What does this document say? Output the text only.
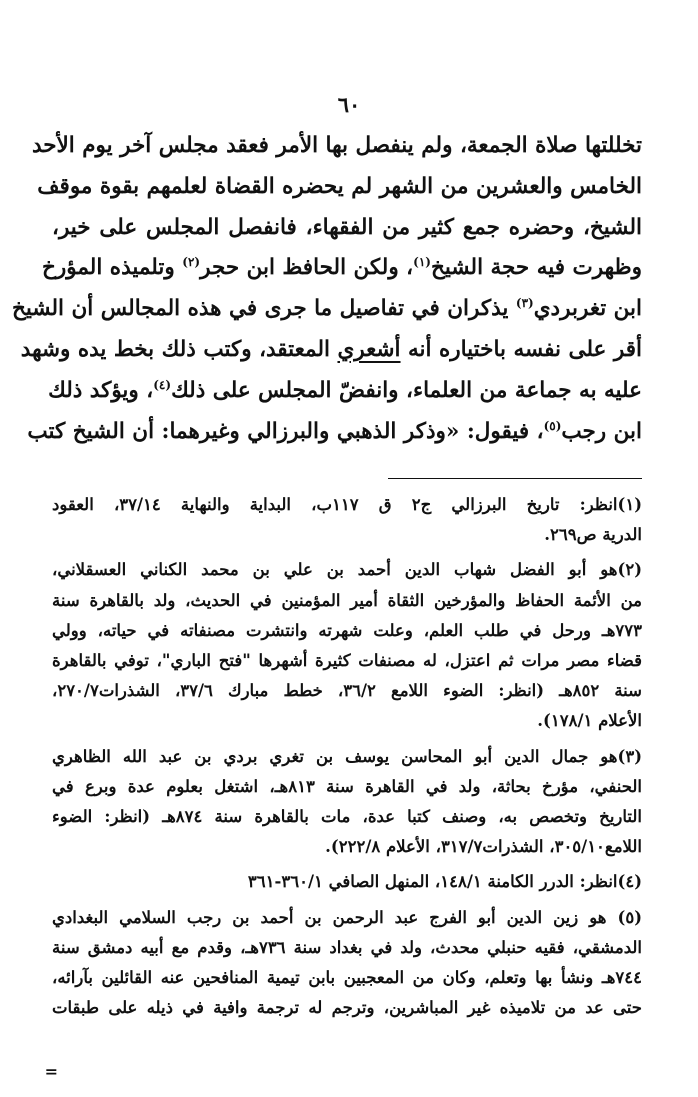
٦٠
تخللتها صلاة الجمعة، ولم ينفصل بها الأمر فعقد مجلس آخر يوم الأحد
الخامس والعشرين من الشهر لم يحضره القضاة لعلمهم بقوة موقف
الشيخ، وحضره جمع كثير من الفقهاء، فانفصل المجلس على خير،
وظهرت فيه حجة الشيخ$^{(١)}$، ولكن الحافظ ابن حجر$^{(٢)}$ وتلميذه المؤرخ
ابن تغربردي$^{(٣)}$ يذكران في تفاصيل ما جرى في هذه المجالس أن الشيخ
أقر على نفسه باختياره أنه أشعري المعتقد، وكتب ذلك بخط يده وشهد
عليه به جماعة من العلماء، وانفضّ المجلس على ذلك$^{(٤)}$، ويؤكد ذلك
ابن رجب$^{(٥)}$، فيقول: «وذكر الذهبي والبرزالي وغيرهما: أن الشيخ كتب
(١)انظر: تاريخ البرزالي ج٢ ق ١١٧ب، البداية والنهاية ٣٧/١٤، العقود
الدرية ص٢٦٩.
(٢)هو أبو الفضل شهاب الدين أحمد بن علي بن محمد الكناني العسقلاني،
من الأئمة الحفاظ والمؤرخين الثقاة أمير المؤمنين في الحديث، ولد بالقاهرة سنة
٧٧٣هـ ورحل في طلب العلم، وعلت شهرته وانتشرت مصنفاته في حياته، وولي
قضاء مصر مرات ثم اعتزل، له مصنفات كثيرة أشهرها "فتح الباري"، توفي بالقاهرة
سنة ٨٥٢هـ (انظر: الضوء اللامع ٣٦/٢، خطط مبارك ٣٧/٦، الشذرات٢٧٠/٧،
الأعلام ١٧٨/١).
(٣)هو جمال الدين أبو المحاسن يوسف بن تغري بردي بن عبد الله الظاهري
الحنفي، مؤرخ بحاثة، ولد في القاهرة سنة ٨١٣هـ، اشتغل بعلوم عدة وبرع في
التاريخ وتخصص به، وصنف كتبا عدة، مات بالقاهرة سنة ٨٧٤هـ (انظر: الضوء
اللامع٣٠٥/١٠، الشذرات٣١٧/٧، الأعلام ٢٢٢/٨).
(٤)انظر: الدرر الكامنة ١٤٨/١، المنهل الصافي ٣٦٠/١-٣٦١
(٥) هو زين الدين أبو الفرج عبد الرحمن بن أحمد بن رجب السلامي البغدادي
الدمشقي، فقيه حنبلي محدث، ولد في بغداد سنة ٧٣٦هـ، وقدم مع أبيه دمشق سنة
٧٤٤هـ ونشأ بها وتعلم، وكان من المعجبين بابن تيمية المنافحين عنه القائلين بآرائه،
حتى عد من تلاميذه غير المباشرين، وترجم له ترجمة وافية في ذيله على طبقات
=
